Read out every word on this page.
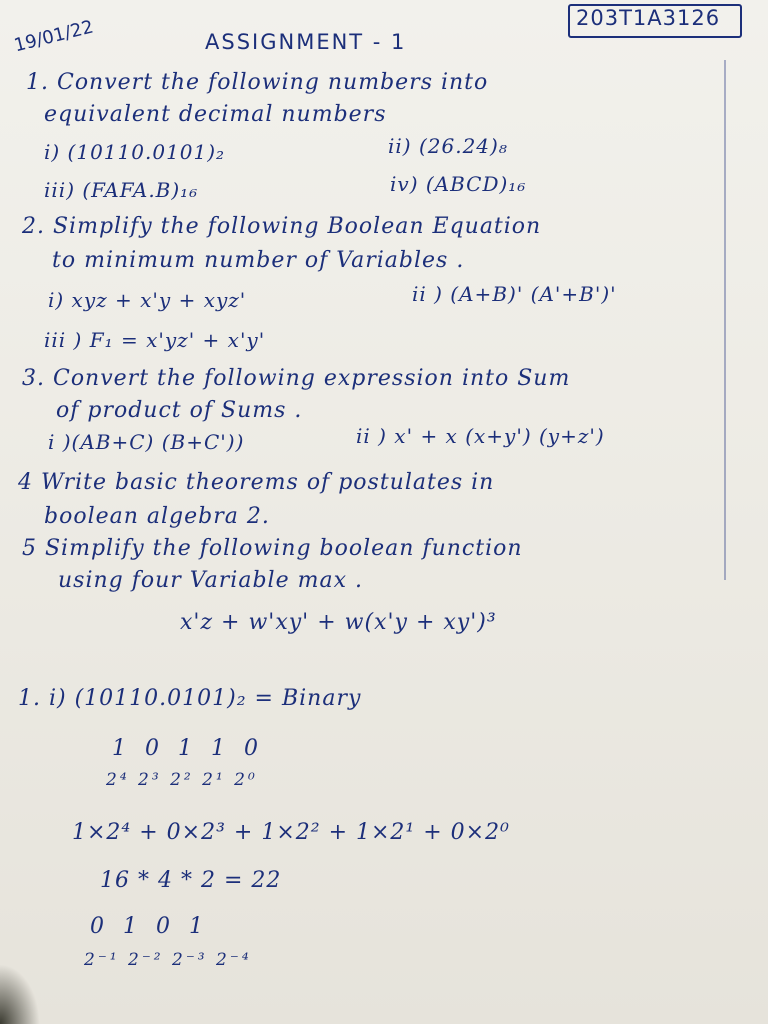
203T1A3126
19/01/22	ASSIGNMENT - 1
1. Convert the following numbers into
equivalent decimal numbers
i) (10110.0101)₂	ii) (26.24)₈
iii) (FAFA.B)₁₆	iv) (ABCD)₁₆
2. Simplify the following Boolean Equation
to minimum number of Variables .
i) xyz + x'y + xyz'	ii ) (A+B)' (A'+B')'
iii ) F₁ = x'yz' + x'y'
3. Convert the following expression into Sum
of product of Sums .
i )(AB+C) (B+C'))	ii ) x' + x (x+y') (y+z')
4 Write basic theorems of postulates in
boolean algebra 2.
5 Simplify the following boolean function
using four Variable max .
x'z + w'xy' + w(x'y + xy')³
1. i) (10110.0101)₂ = Binary
1 0 1 1 0
2⁴ 2³ 2² 2¹ 2⁰
1×2⁴ + 0×2³ + 1×2² + 1×2¹ + 0×2⁰
16 * 4 * 2 = 22
0 1 0 1
2⁻¹ 2⁻² 2⁻³ 2⁻⁴
